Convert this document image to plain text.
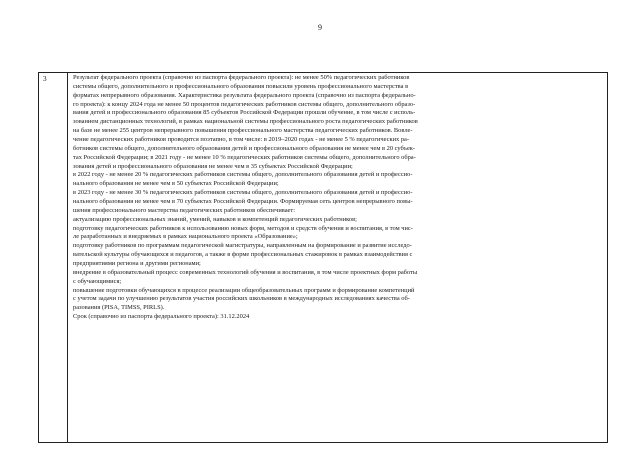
9
3	Результат федерального проекта (справочно из паспорта федерального проекта): не менее 50% педагогических работников
системы общего, дополнительного и профессионального образования повысили уровень профессионального мастерства в
форматах непрерывного образования. Характеристика результата федерального проекта (справочно из паспорта федерально-
го проекта): к концу 2024 года не менее 50 процентов педагогических работников системы общего, дополнительного образо-
вания детей и профессионального образования 85 субъектов Российской Федерации прошли обучение, в том числе с исполь-
зованием дистанционных технологий, в рамках национальной системы профессионального роста педагогических работников
на базе не менее 255 центров непрерывного повышения профессионального мастерства педагогических работников. Вовле-
чение педагогических работников проводится поэтапно, в том числе: в 2019–2020 годах - не менее 5 % педагогических ра-
ботников системы общего, дополнительного образования детей и профессионального образования не менее чем в 20 субъек-
тах Российской Федерации; в 2021 году - не менее 10 % педагогических работников системы общего, дополнительного обра-
зования детей и профессионального образования не менее чем в 35 субъектах Российской Федерации;
в 2022 году - не менее 20 % педагогических работников системы общего, дополнительного образования детей и профессио-
нального образования не менее чем в 50 субъектах Российской Федерации;
в 2023 году - не менее 30 % педагогических работников системы общего, дополнительного образования детей и профессио-
нального образования не менее чем в 70 субъектах Российской Федерации. Формируемая сеть центров непрерывного повы-
шения профессионального мастерства педагогических работников обеспечивает:
актуализацию профессиональных знаний, умений, навыков и компетенций педагогических работников;
подготовку педагогических работников к использованию новых форм, методов и средств обучения и воспитания, в том чис-
ле разработанных и внедряемых в рамках национального проекта «Образование»;
подготовку работников по программам педагогической магистратуры, направленным на формирование и развитие исследо-
вательской культуры обучающихся и педагогов, а также в форме профессиональных стажировок в рамках взаимодействия с
предприятиями региона и другими регионами;
внедрение в образовательный процесс современных технологий обучения и воспитания, в том числе проектных форм работы
с обучающимися;
повышение подготовки обучающихся в процессе реализации общеобразовательных программ и формирование компетенций
с учетом задачи по улучшению результатов участия российских школьников в международных исследованиях качества об-
разования (PISA, TIMSS, PIRLS).
Срок (справочно из паспорта федерального проекта): 31.12.2024
